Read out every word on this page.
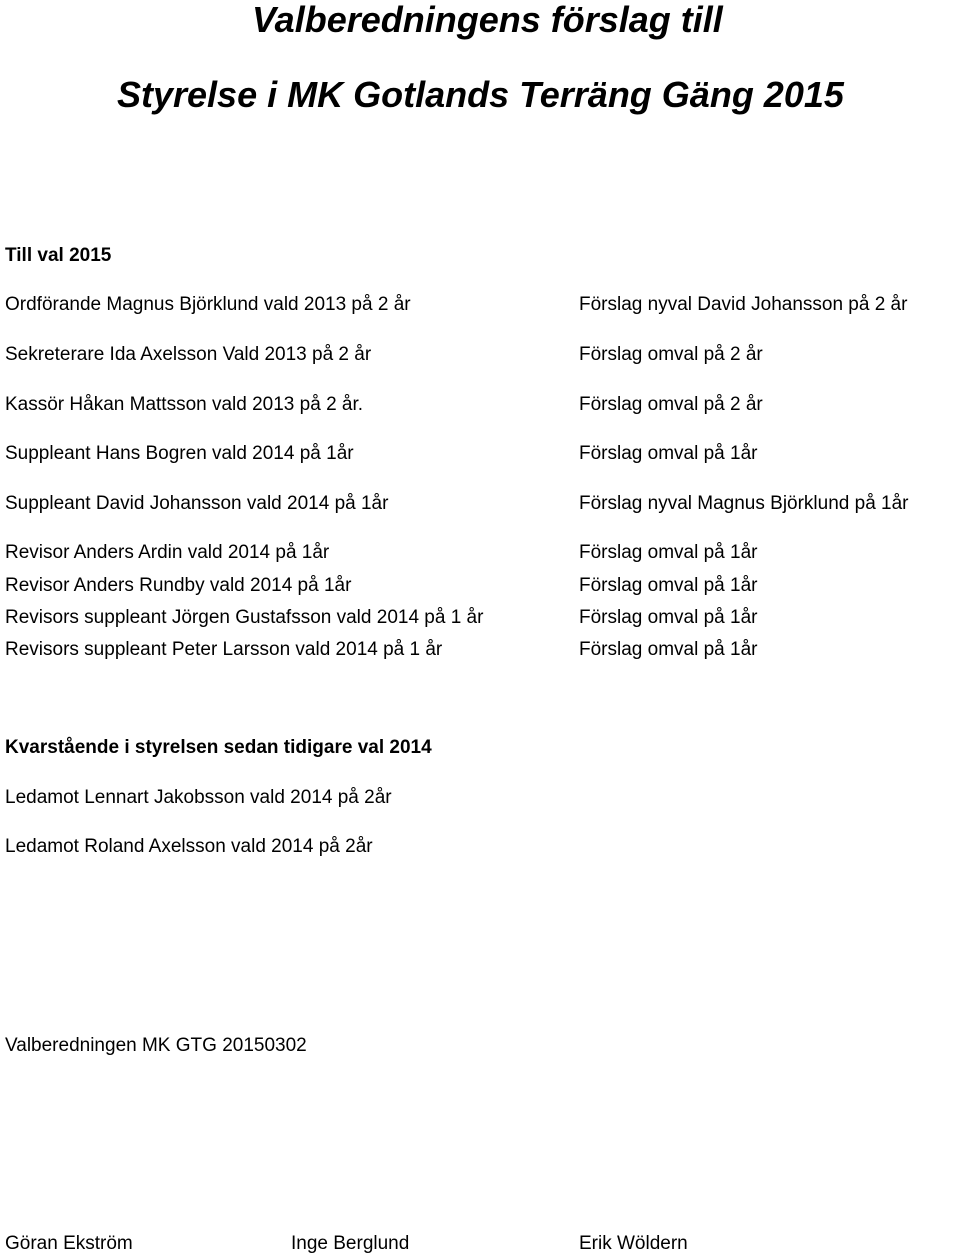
Valberedningens förslag till
Styrelse i MK Gotlands Terräng Gäng 2015

Till val 2015

Ordförande Magnus Björklund vald 2013 på 2 år	Förslag nyval David Johansson på 2 år

Sekreterare Ida Axelsson Vald 2013 på 2 år	Förslag omval på 2 år

Kassör Håkan Mattsson vald 2013 på 2 år.	Förslag omval på 2 år

Suppleant Hans Bogren vald 2014 på 1år	Förslag omval på 1år

Suppleant David Johansson vald 2014 på 1år	Förslag nyval Magnus Björklund på 1år

Revisor Anders Ardin vald 2014 på 1år	Förslag omval på 1år

Revisor Anders Rundby vald 2014 på 1år	Förslag omval på 1år

Revisors suppleant Jörgen Gustafsson vald 2014 på 1 år	Förslag omval på 1år

Revisors suppleant Peter Larsson vald 2014 på 1 år	Förslag omval på 1år

Kvarstående i styrelsen sedan tidigare val 2014

Ledamot Lennart Jakobsson vald 2014 på 2år

Ledamot Roland Axelsson vald 2014 på 2år

Valberedningen MK GTG 20150302

Göran Ekström	Inge Berglund	Erik Wöldern
